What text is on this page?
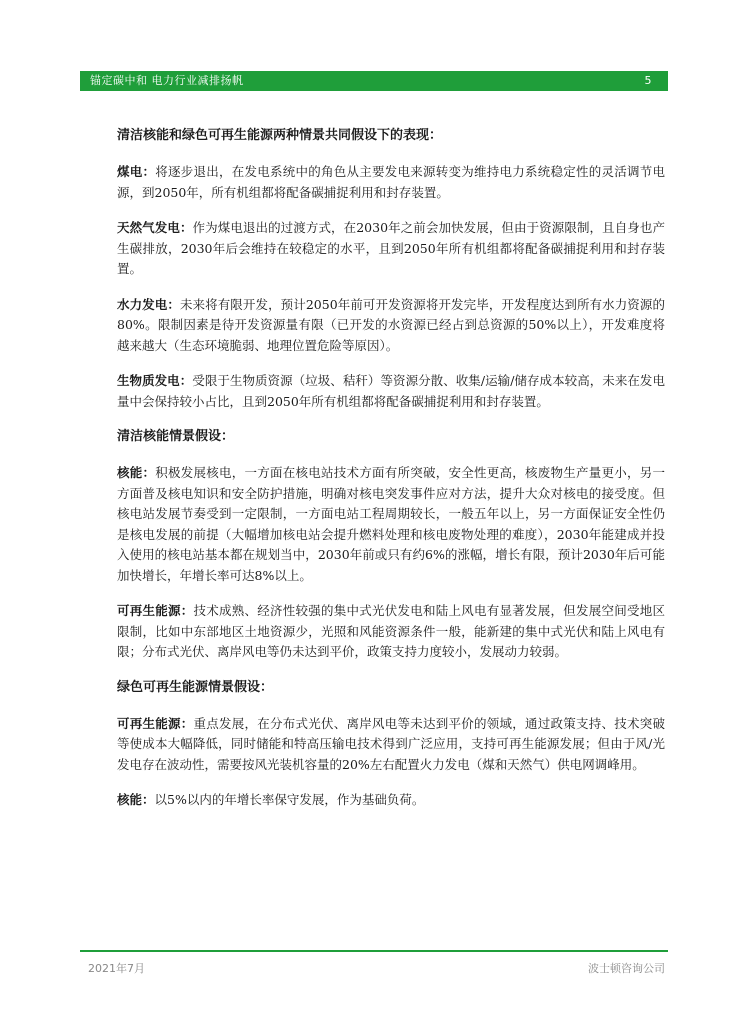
锚定碳中和 电力行业减排扬帆	5

清洁核能和绿色可再生能源两种情景共同假设下的表现：

煤电：将逐步退出，在发电系统中的角色从主要发电来源转变为维持电力系统稳定性的灵活调节电源，到2050年，所有机组都将配备碳捕捉利用和封存装置。

天然气发电：作为煤电退出的过渡方式，在2030年之前会加快发展，但由于资源限制，且自身也产生碳排放，2030年后会维持在较稳定的水平，且到2050年所有机组都将配备碳捕捉利用和封存装置。

水力发电：未来将有限开发，预计2050年前可开发资源将开发完毕，开发程度达到所有水力资源的80%。限制因素是待开发资源量有限（已开发的水资源已经占到总资源的50%以上），开发难度将越来越大（生态环境脆弱、地理位置危险等原因）。

生物质发电：受限于生物质资源（垃圾、秸秆）等资源分散、收集/运输/储存成本较高，未来在发电量中会保持较小占比，且到2050年所有机组都将配备碳捕捉利用和封存装置。

清洁核能情景假设：

核能：积极发展核电，一方面在核电站技术方面有所突破，安全性更高，核废物生产量更小，另一方面普及核电知识和安全防护措施，明确对核电突发事件应对方法，提升大众对核电的接受度。但核电站发展节奏受到一定限制，一方面电站工程周期较长，一般五年以上，另一方面保证安全性仍是核电发展的前提（大幅增加核电站会提升燃料处理和核电废物处理的难度），2030年能建成并投入使用的核电站基本都在规划当中，2030年前或只有约6%的涨幅，增长有限，预计2030年后可能加快增长，年增长率可达8%以上。

可再生能源：技术成熟、经济性较强的集中式光伏发电和陆上风电有显著发展，但发展空间受地区限制，比如中东部地区土地资源少，光照和风能资源条件一般，能新建的集中式光伏和陆上风电有限；分布式光伏、离岸风电等仍未达到平价，政策支持力度较小，发展动力较弱。

绿色可再生能源情景假设：

可再生能源：重点发展，在分布式光伏、离岸风电等未达到平价的领域，通过政策支持、技术突破等使成本大幅降低，同时储能和特高压输电技术得到广泛应用，支持可再生能源发展；但由于风/光发电存在波动性，需要按风光装机容量的20%左右配置火力发电（煤和天然气）供电网调峰用。

核能：以5%以内的年增长率保守发展，作为基础负荷。

2021年7月	波士顿咨询公司
